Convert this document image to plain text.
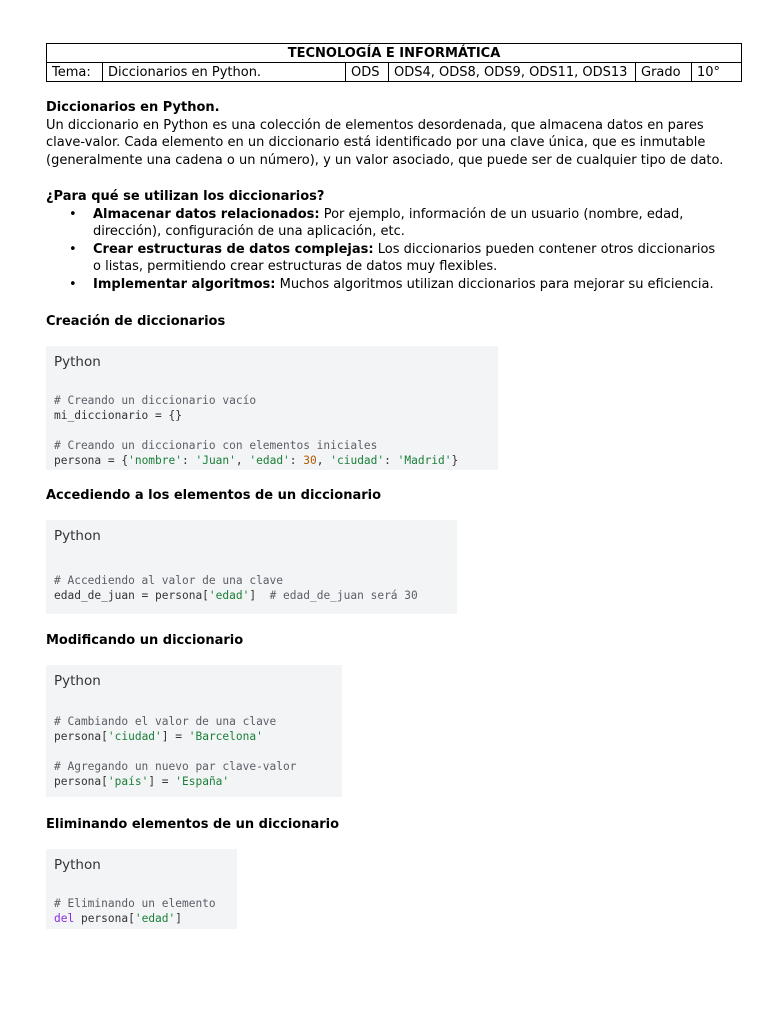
TECNOLOGÍA E INFORMÁTICA
Tema:	Diccionarios en Python.	ODS	ODS4, ODS8, ODS9, ODS11, ODS13	Grado	10°

Diccionarios en Python.

Un diccionario en Python es una colección de elementos desordenada, que almacena datos en pares clave-valor. Cada elemento en un diccionario está identificado por una clave única, que es inmutable (generalmente una cadena o un número), y un valor asociado, que puede ser de cualquier tipo de dato.

¿Para qué se utilizan los diccionarios?

• Almacenar datos relacionados: Por ejemplo, información de un usuario (nombre, edad, dirección), configuración de una aplicación, etc.
• Crear estructuras de datos complejas: Los diccionarios pueden contener otros diccionarios o listas, permitiendo crear estructuras de datos muy flexibles.
• Implementar algoritmos: Muchos algoritmos utilizan diccionarios para mejorar su eficiencia.
Creación de diccionarios
Python
# Creando un diccionario vacío
mi_diccionario = {}

# Creando un diccionario con elementos iniciales
persona = {'nombre': 'Juan', 'edad': 30, 'ciudad': 'Madrid'}
Accediendo a los elementos de un diccionario
Python
# Accediendo al valor de una clave
edad_de_juan = persona['edad']  # edad_de_juan será 30
Modificando un diccionario
Python
# Cambiando el valor de una clave
persona['ciudad'] = 'Barcelona'

# Agregando un nuevo par clave-valor
persona['país'] = 'España'
Eliminando elementos de un diccionario
Python
# Eliminando un elemento
del persona['edad']
